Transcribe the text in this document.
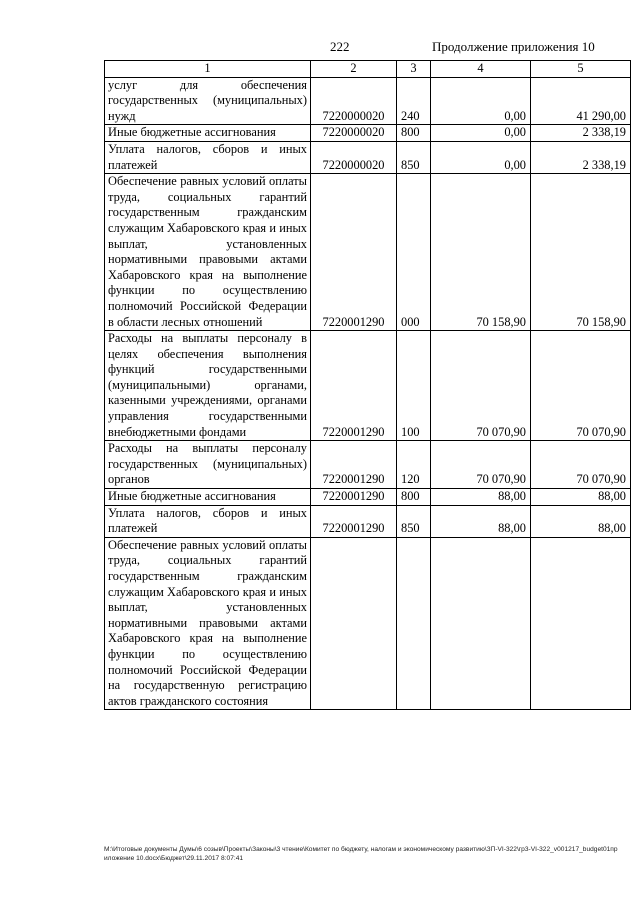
222	Продолжение приложения 10
1	2	3	4	5
услуг для обеспечения государственных (муниципальных) нужд	7220000020	240	0,00	41 290,00
Иные бюджетные ассигнования	7220000020	800	0,00	2 338,19
Уплата налогов, сборов и иных платежей	7220000020	850	0,00	2 338,19
Обеспечение равных условий оплаты труда, социальных гарантий государственным гражданским служащим Хабаровского края и иных выплат, установленных нормативными правовыми актами Хабаровского края на выполнение функции по осуществлению полномочий Российской Федерации в области лесных отношений	7220001290	000	70 158,90	70 158,90
Расходы на выплаты персоналу в целях обеспечения выполнения функций государственными (муниципальными) органами, казенными учреждениями, органами управления государственными внебюджетными фондами	7220001290	100	70 070,90	70 070,90
Расходы на выплаты персоналу государственных (муниципальных) органов	7220001290	120	70 070,90	70 070,90
Иные бюджетные ассигнования	7220001290	800	88,00	88,00
Уплата налогов, сборов и иных платежей	7220001290	850	88,00	88,00
Обеспечение равных условий оплаты труда, социальных гарантий государственным гражданским служащим Хабаровского края и иных выплат, установленных нормативными правовыми актами Хабаровского края на выполнение функции по осуществлению полномочий Российской Федерации на государственную регистрацию актов гражданского состояния				
М:\Итоговые документы Думы\6 созыв\Проекты\Законы\3 чтение\Комитет по бюджету, налогам и экономическому развитию\ЗП-VI-322\гр3-VI-322_v001217_budget01приложение 10.docx\Бюджет\29.11.2017 8:07:41
